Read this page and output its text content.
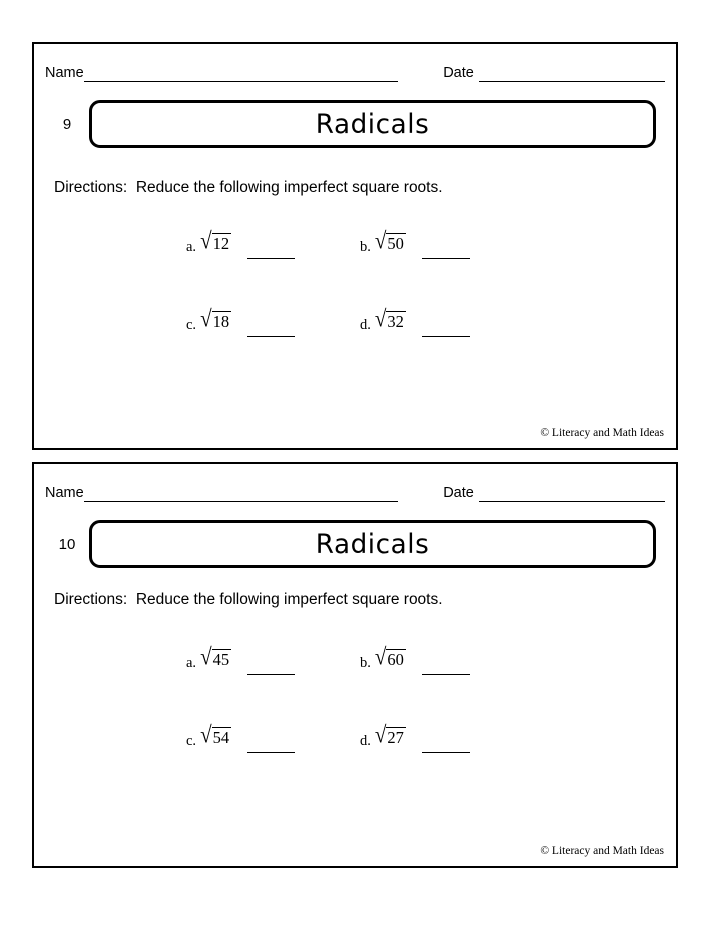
Name	Date
9	Radicals
Directions:  Reduce the following imperfect square roots.
a. √ 12	b. √ 50
c. √ 18	d. √ 32
© Literacy and Math Ideas
Name	Date
10	Radicals
Directions:  Reduce the following imperfect square roots.
a. √ 45	b. √ 60
c. √ 54	d. √ 27
© Literacy and Math Ideas
